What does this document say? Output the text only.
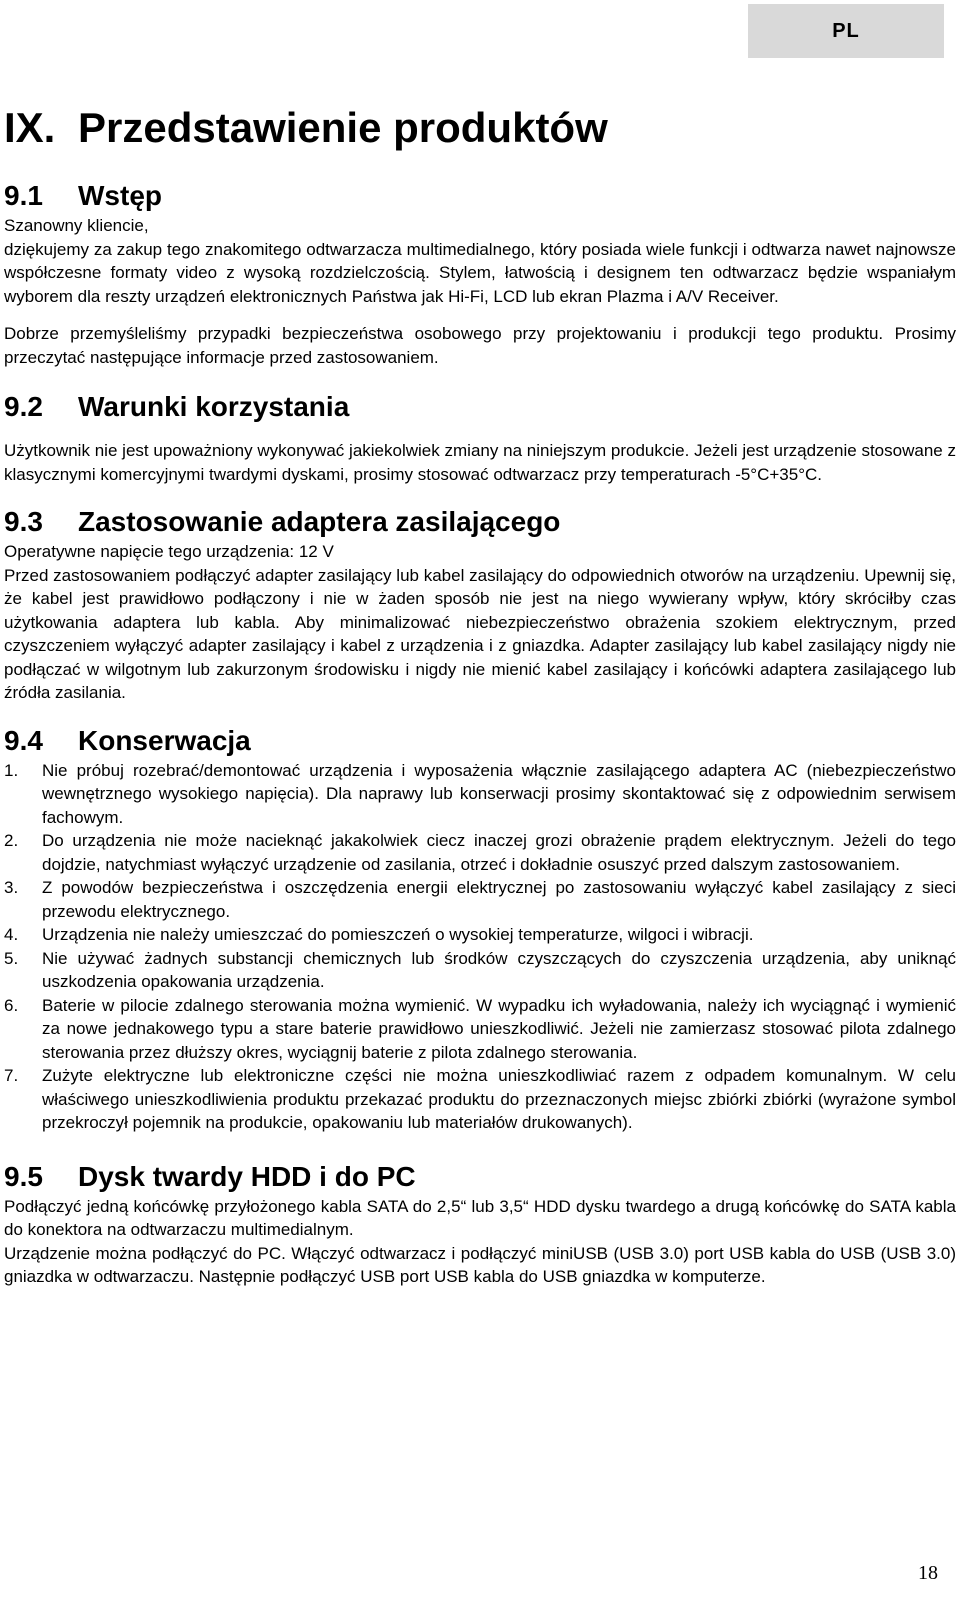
PL
IX. Przedstawienie produktów
9.1 Wstęp

Szanowny kliencie,

dziękujemy za zakup tego znakomitego odtwarzacza multimedialnego, który posiada wiele funkcji i odtwarza nawet najnowsze współczesne formaty video z wysoką rozdzielczością. Stylem, łatwością i designem ten odtwarzacz będzie wspaniałym wyborem dla reszty urządzeń elektronicznych Państwa jak Hi-Fi, LCD lub ekran Plazma i A/V Receiver.

Dobrze przemyśleliśmy przypadki bezpieczeństwa osobowego przy projektowaniu i produkcji tego produktu. Prosimy przeczytać następujące informacje przed zastosowaniem.

9.2 Warunki korzystania

Użytkownik nie jest upoważniony wykonywać jakiekolwiek zmiany na niniejszym produkcie. Jeżeli jest urządzenie stosowane z klasycznymi komercyjnymi twardymi dyskami, prosimy stosować odtwarzacz przy temperaturach -5°C+35°C.

9.3 Zastosowanie adaptera zasilającego

Operatywne napięcie tego urządzenia: 12 V

Przed zastosowaniem podłączyć adapter zasilający lub kabel zasilający do odpowiednich otworów na urządzeniu. Upewnij się, że kabel jest prawidłowo podłączony i nie w żaden sposób nie jest na niego wywierany wpływ, który skróciłby czas użytkowania adaptera lub kabla. Aby minimalizować niebezpieczeństwo obrażenia szokiem elektrycznym, przed czyszczeniem wyłączyć adapter zasilający i kabel z urządzenia i z gniazdka. Adapter zasilający lub kabel zasilający nigdy nie podłączać w wilgotnym lub zakurzonym środowisku i nigdy nie mienić kabel zasilający i końcówki adaptera zasilającego lub źródła zasilania.

9.4 Konserwacja
1. Nie próbuj rozebrać/demontować urządzenia i wyposażenia włącznie zasilającego adaptera AC (niebezpieczeństwo wewnętrznego wysokiego napięcia). Dla naprawy lub konserwacji prosimy skontaktować się z odpowiednim serwisem fachowym.
2. Do urządzenia nie może nacieknąć jakakolwiek ciecz inaczej grozi obrażenie prądem elektrycznym. Jeżeli do tego dojdzie, natychmiast wyłączyć urządzenie od zasilania, otrzeć i dokładnie osuszyć przed dalszym zastosowaniem.
3. Z powodów bezpieczeństwa i oszczędzenia energii elektrycznej po zastosowaniu wyłączyć kabel zasilający z sieci przewodu elektrycznego.
4. Urządzenia nie należy umieszczać do pomieszczeń o wysokiej temperaturze, wilgoci i wibracji.
5. Nie używać żadnych substancji chemicznych lub środków czyszczących do czyszczenia urządzenia, aby uniknąć uszkodzenia opakowania urządzenia.
6. Baterie w pilocie zdalnego sterowania można wymienić. W wypadku ich wyładowania, należy ich wyciągnąć i wymienić za nowe jednakowego typu a stare baterie prawidłowo unieszkodliwić. Jeżeli nie zamierzasz stosować pilota zdalnego sterowania przez dłuższy okres, wyciągnij baterie z pilota zdalnego sterowania.
7. Zużyte elektryczne lub elektroniczne części nie można unieszkodliwiać razem z odpadem komunalnym. W celu właściwego unieszkodliwienia produktu przekazać produktu do przeznaczonych miejsc zbiórki zbiórki (wyrażone symbol przekroczył pojemnik na produkcie, opakowaniu lub materiałów drukowanych).
9.5 Dysk twardy HDD i do PC

Podłączyć jedną końcówkę przyłożonego kabla SATA do 2,5“ lub 3,5“ HDD dysku twardego a drugą końcówkę do SATA kabla do konektora na odtwarzaczu multimedialnym.

Urządzenie można podłączyć do PC. Włączyć odtwarzacz i podłączyć miniUSB (USB 3.0) port USB kabla do USB (USB 3.0) gniazdka w odtwarzaczu. Następnie podłączyć USB port USB kabla do USB gniazdka w komputerze.

18
